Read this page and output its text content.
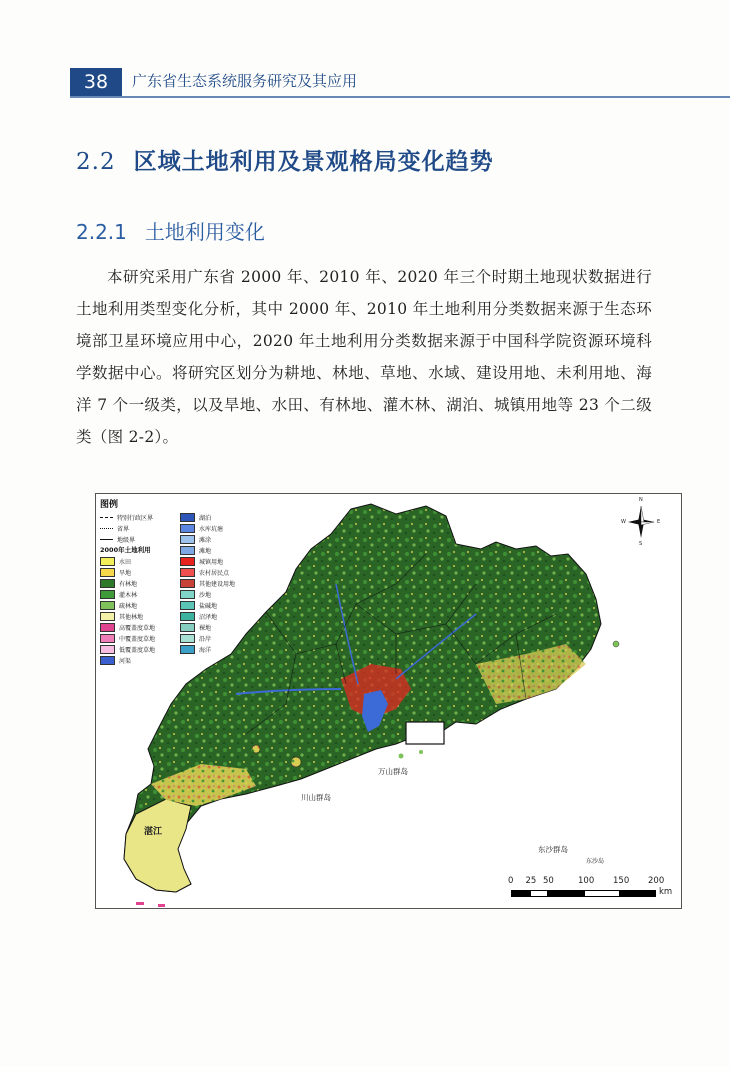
38	广东省生态系统服务研究及其应用
2.2 区域土地利用及景观格局变化趋势
2.2.1 土地利用变化
本研究采用广东省 2000 年、2010 年、2020 年三个时期土地现状数据进行土地利用类型变化分析，其中 2000 年、2010 年土地利用分类数据来源于生态环境部卫星环境应用中心，2020 年土地利用分类数据来源于中国科学院资源环境科学数据中心。将研究区划分为耕地、林地、草地、水域、建设用地、未利用地、海洋 7 个一级类，以及旱地、水田、有林地、灌木林、湖泊、城镇用地等 23 个二级类（图 2-2）。
图例
特别行政区界
省界
地级界
2000年土地利用
水田
旱地
有林地
灌木林
疏林地
其他林地
高覆盖度草地
中覆盖度草地
低覆盖度草地
河渠
湖泊
水库坑塘
滩涂
滩地
城镇用地
农村居民点
其他建设用地
沙地
盐碱地
沼泽地
裸地
沿岸
海洋
N
S
E
W
湛江
万山群岛
川山群岛
东沙群岛
东沙岛
0 25 50	100 150 200
km
